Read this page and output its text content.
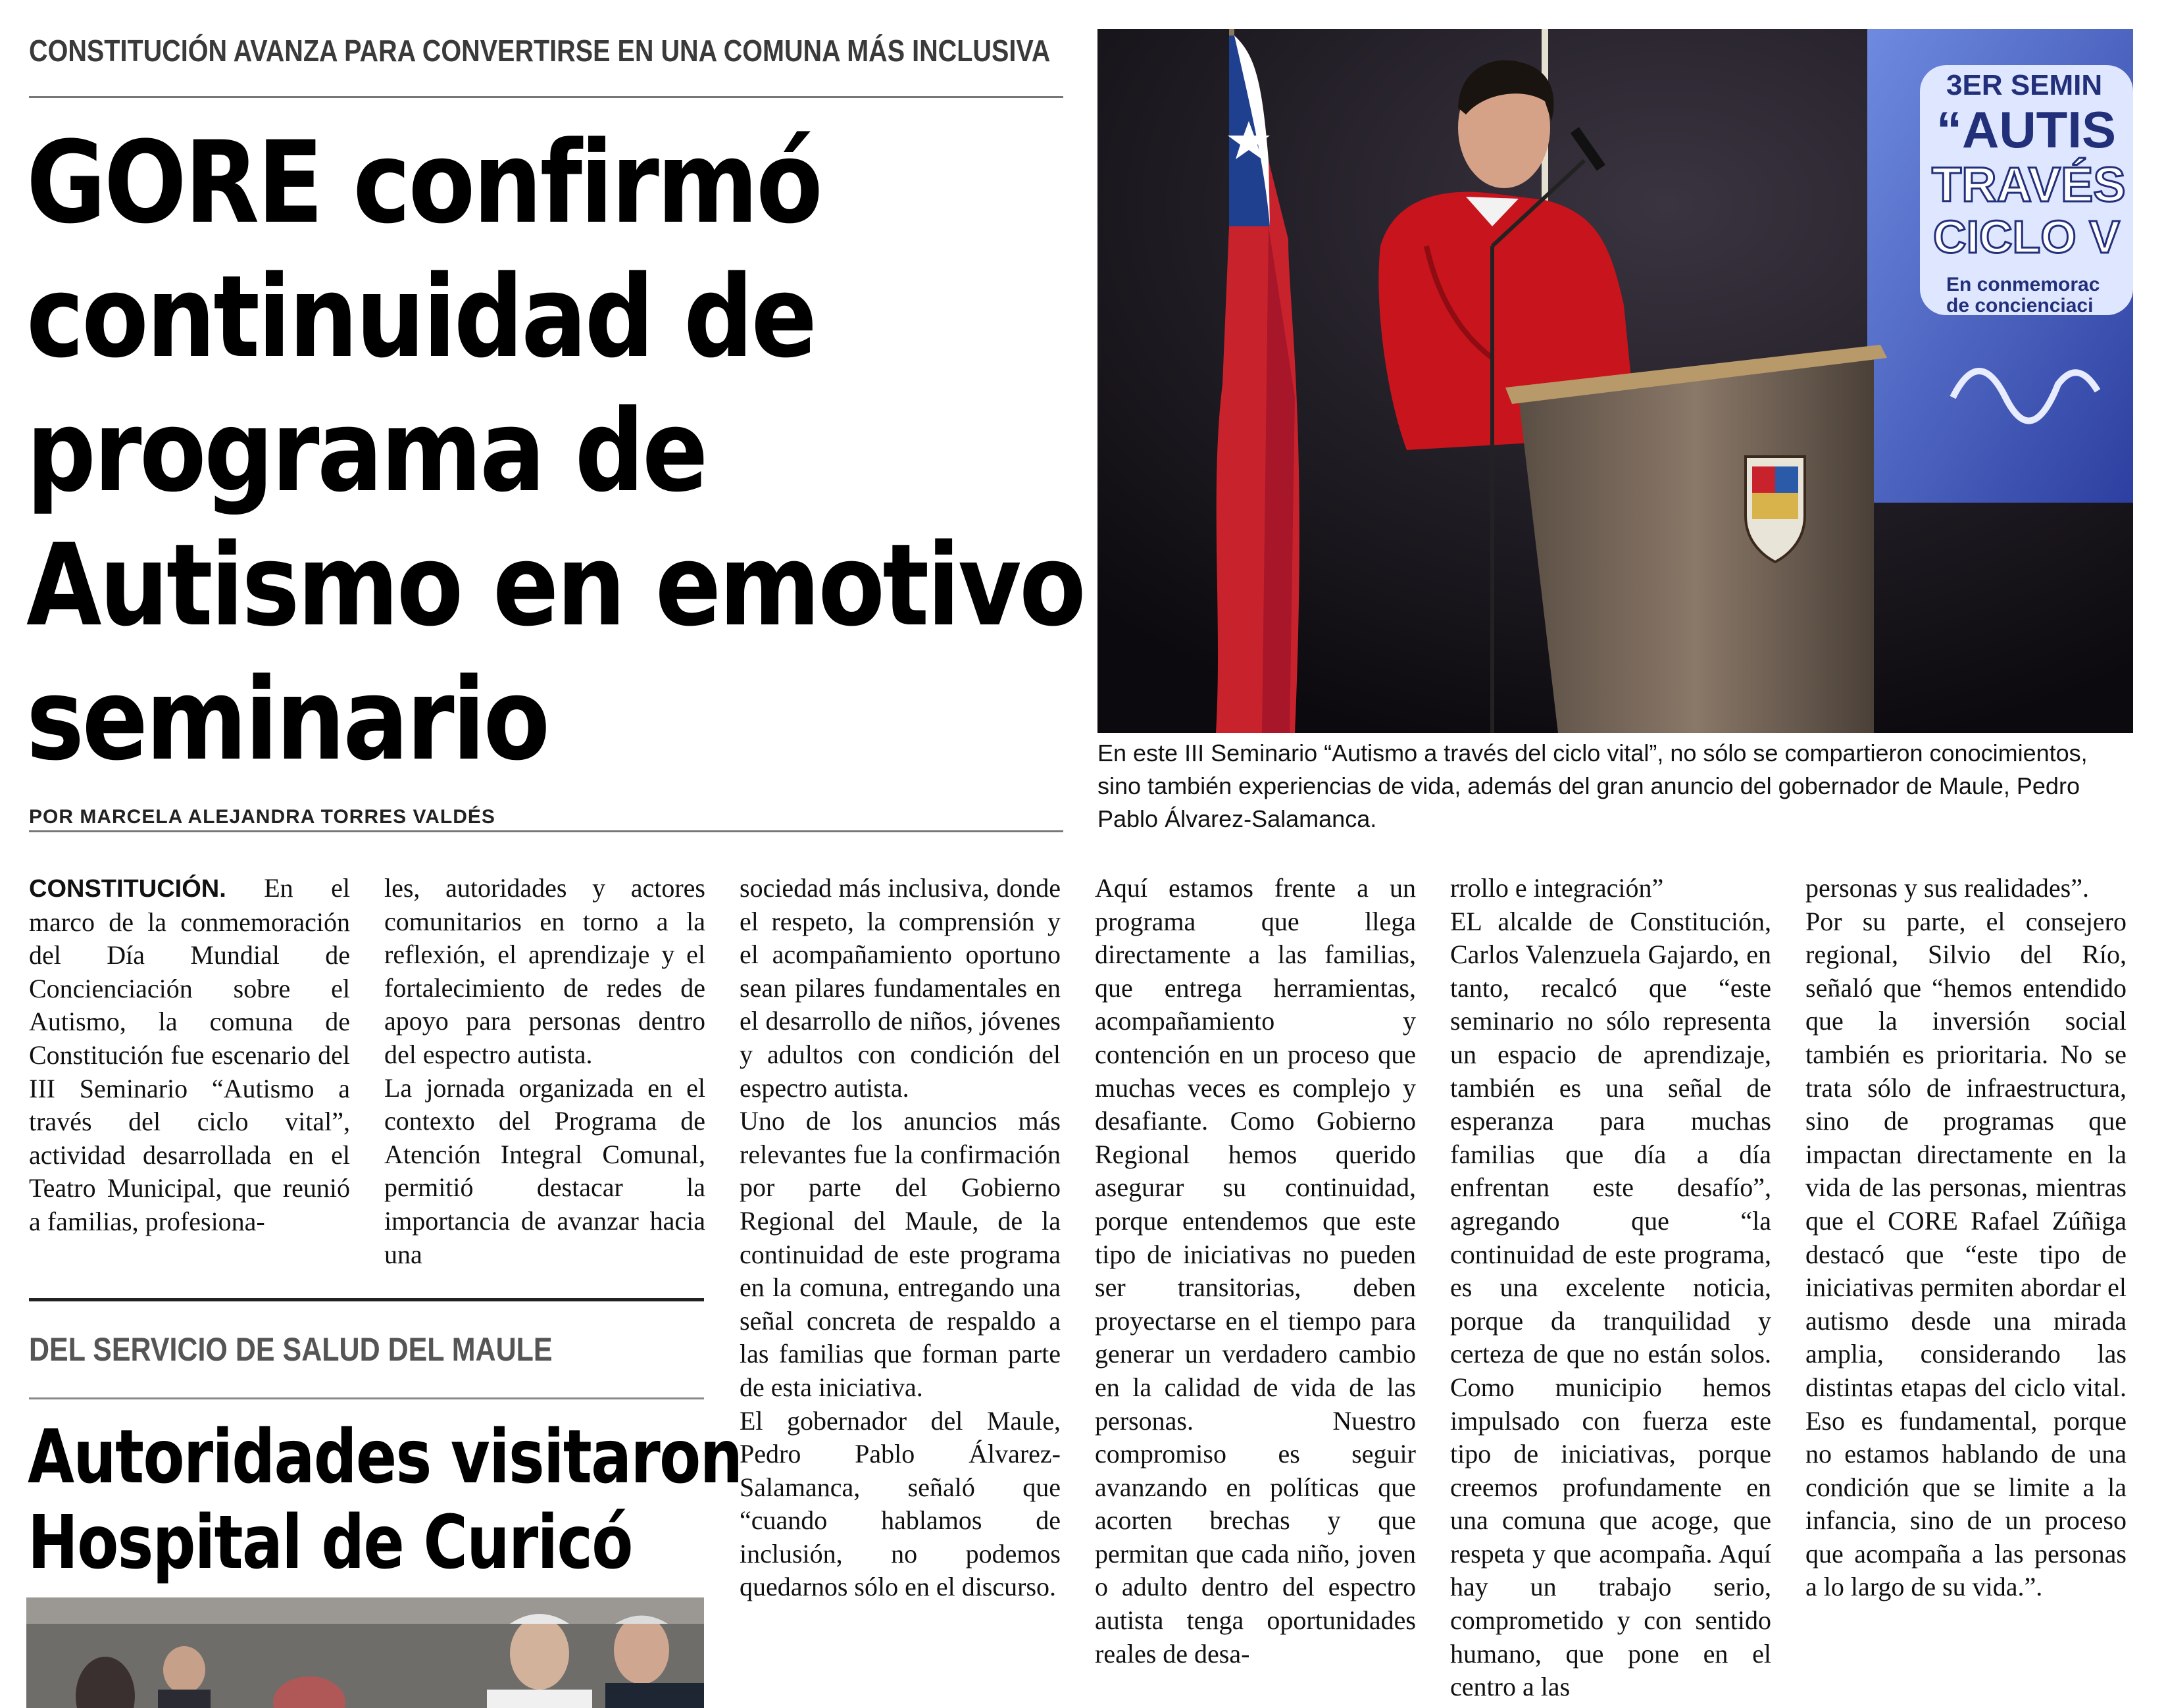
CONSTITUCIÓN AVANZA PARA CONVERTIRSE EN UNA COMUNA MÁS INCLUSIVA
GORE confirmó
continuidad de
programa de
Autismo en emotivo
seminario
POR MARCELA ALEJANDRA TORRES VALDÉS
3ER SEMIN
“AUTIS
TRAVÉS
CICLO V
En conmemorac
de concienciaci
En este III Seminario “Autismo a través del ciclo vital”, no sólo se compartieron conocimientos, sino también experiencias de vida, además del gran anuncio del gobernador de Maule, Pedro Pablo Álvarez-Salamanca.

CONSTITUCIÓN. En el marco de la conmemoración del Día Mundial de Concienciación sobre el Autismo, la comuna de Constitución fue escenario del III Seminario “Autismo a través del ciclo vital”, actividad desarrollada en el Teatro Municipal, que reunió a familias, profesiona-

les, autoridades y actores comunitarios en torno a la reflexión, el aprendizaje y el fortalecimiento de redes de apoyo para personas dentro del espectro autista.

La jornada organizada en el contexto del Programa de Atención Integral Comunal, permitió destacar la importancia de avanzar hacia una

sociedad más inclusiva, donde el respeto, la comprensión y el acompañamiento oportuno sean pilares fundamentales en el desarrollo de niños, jóvenes y adultos con condición del espectro autista.

Uno de los anuncios más relevantes fue la confirmación por parte del Gobierno Regional del Maule, de la continuidad de este programa en la comuna, entregando una señal concreta de respaldo a las familias que forman parte de esta iniciativa.

El gobernador del Maule, Pedro Pablo Álvarez-Salamanca, señaló que “cuando hablamos de inclusión, no podemos quedarnos sólo en el discurso.

Aquí estamos frente a un programa que llega directamente a las familias, que entrega herramientas, acompañamiento y contención en un proceso que muchas veces es complejo y desafiante. Como Gobierno Regional hemos querido asegurar su continuidad, porque entendemos que este tipo de iniciativas no pueden ser transitorias, deben proyectarse en el tiempo para generar un verdadero cambio en la calidad de vida de las personas. Nuestro compromiso es seguir avanzando en políticas que acorten brechas y que permitan que cada niño, joven o adulto dentro del espectro autista tenga oportunidades reales de desa-

rrollo e integración”

EL alcalde de Constitución, Carlos Valenzuela Gajardo, en tanto, recalcó que “este seminario no sólo representa un espacio de aprendizaje, también es una señal de esperanza para muchas familias que día a día enfrentan este desafío”, agregando que “la continuidad de este programa, es una excelente noticia, porque da tranquilidad y certeza de que no están solos. Como municipio hemos impulsado con fuerza este tipo de iniciativas, porque creemos profundamente en una comuna que acoge, que respeta y que acompaña. Aquí hay un trabajo serio, comprometido y con sentido humano, que pone en el centro a las

personas y sus realidades”.

Por su parte, el consejero regional, Silvio del Río, señaló que “hemos entendido que la inversión social también es prioritaria. No se trata sólo de infraestructura, sino de programas que impactan directamente en la vida de las personas, mientras que el CORE Rafael Zúñiga destacó que “este tipo de iniciativas permiten abordar el autismo desde una mirada amplia, considerando las distintas etapas del ciclo vital. Eso es fundamental, porque no estamos hablando de una condición que se limite a la infancia, sino de un proceso que acompaña a las personas a lo largo de su vida.”.

DEL SERVICIO DE SALUD DEL MAULE
Autoridades visitaron
Hospital de Curicó
